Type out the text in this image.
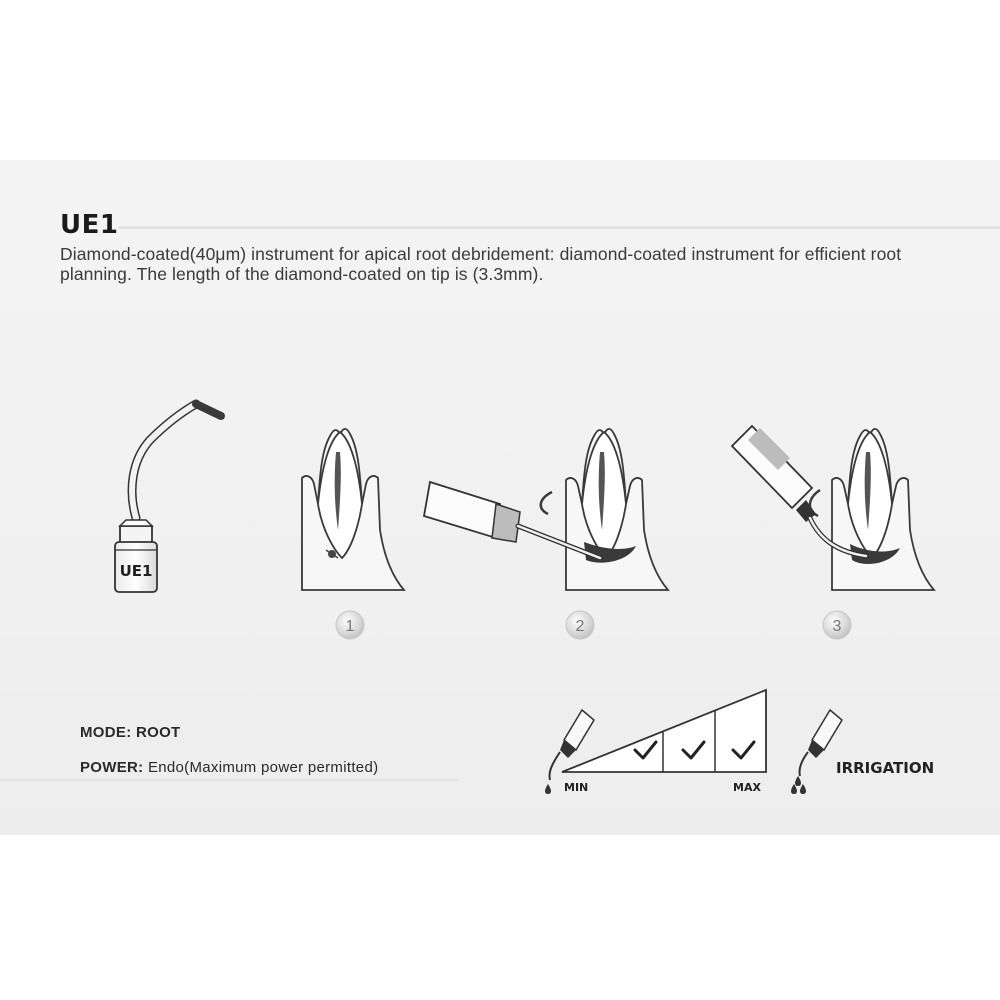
UE1
Diamond-coated(40μm) instrument for apical root debridement: diamond-coated instrument for efficient root planning. The length of the diamond-coated on tip is (3.3mm).
UE1
1	2	3
MODE: ROOT
POWER: Endo(Maximum power permitted)
MIN	MAX
IRRIGATION
